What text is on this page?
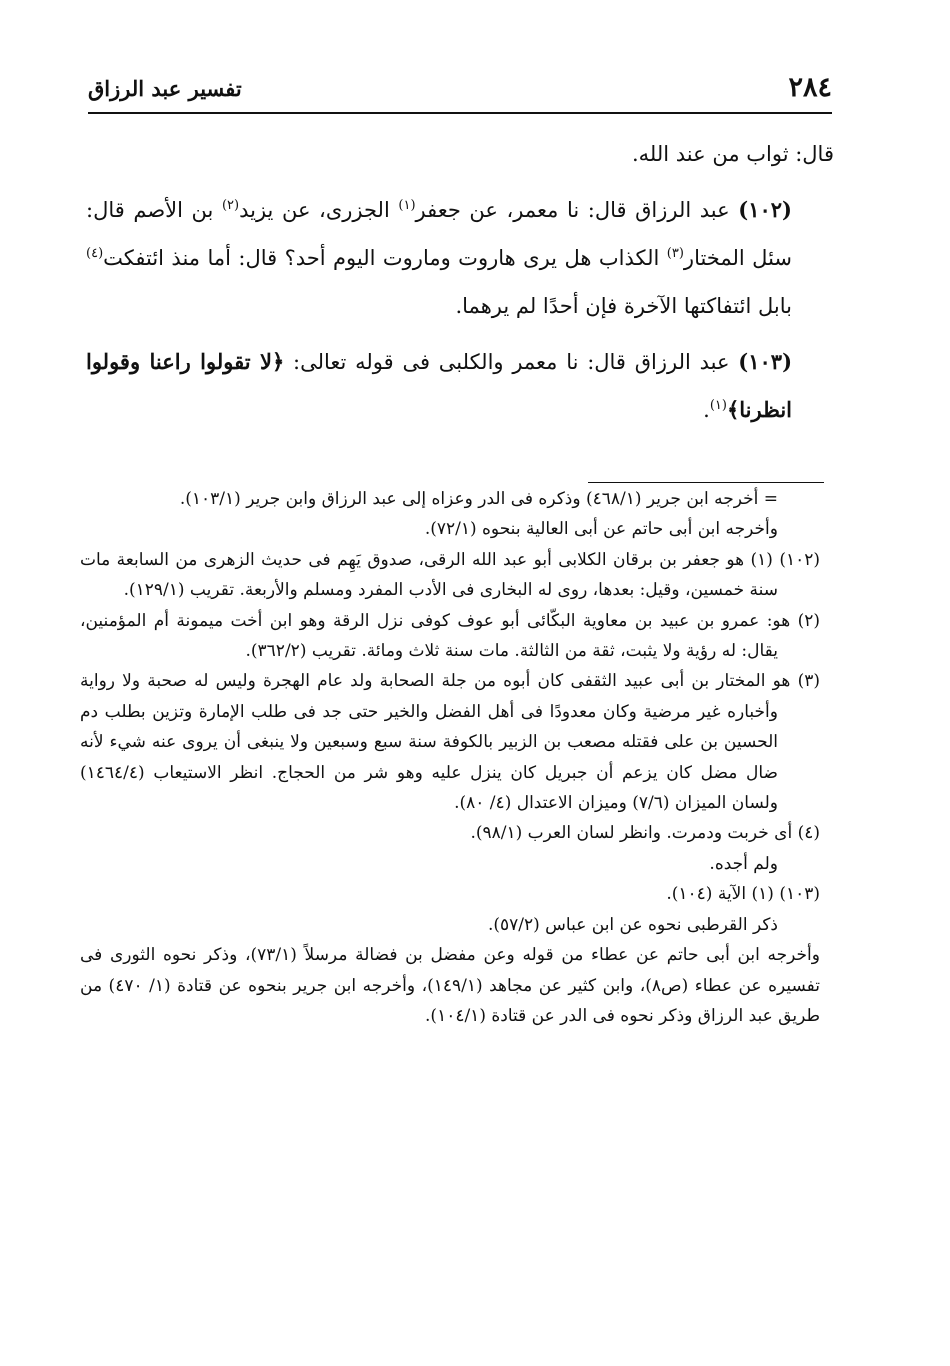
٢٨٤
تفسير عبد الرزاق

قال: ثواب من عند الله.

(١٠٢) عبد الرزاق قال: نا معمر، عن جعفر$^{(١)}$ الجزرى، عن يزيد$^{(٢)}$ بن الأصم قال: سئل المختار$^{(٣)}$ الكذاب هل يرى هاروت وماروت اليوم أحد؟ قال: أما منذ ائتفكت$^{(٤)}$ بابل ائتفاكتها الآخرة فإن أحدًا لم يرهما.

(١٠٣) عبد الرزاق قال: نا معمر والكلبى فى قوله تعالى: ﴿لا تقولوا راعنا وقولوا انظرنا﴾$^{(١)}$.

= أخرجه ابن جرير (٤٦٨/١) وذكره فى الدر وعزاه إلى عبد الرزاق وابن جرير (١٠٣/١).

وأخرجه ابن أبى حاتم عن أبى العالية بنحوه (٧٢/١).

(١٠٢) (١) هو جعفر بن برقان الكلابى أبو عبد الله الرقى، صدوق يَهِم فى حديث الزهرى من السابعة مات سنة خمسين، وقيل: بعدها، روى له البخارى فى الأدب المفرد ومسلم والأربعة. تقريب (١٢٩/١).

(٢) هو: عمرو بن عبيد بن معاوية البكّائى أبو عوف كوفى نزل الرقة وهو ابن أخت ميمونة أم المؤمنين، يقال: له رؤية ولا يثبت، ثقة من الثالثة. مات سنة ثلاث ومائة. تقريب (٣٦٢/٢).

(٣) هو المختار بن أبى عبيد الثقفى كان أبوه من جلة الصحابة ولد عام الهجرة وليس له صحبة ولا رواية وأخباره غير مرضية وكان معدودًا فى أهل الفضل والخير حتى جد فى طلب الإمارة وتزين بطلب دم الحسين بن على فقتله مصعب بن الزبير بالكوفة سنة سبع وسبعين ولا ينبغى أن يروى عنه شيء لأنه ضال مضل كان يزعم أن جبريل كان ينزل عليه وهو شر من الحجاج. انظر الاستيعاب (١٤٦٤/٤) ولسان الميزان (٧/٦) وميزان الاعتدال (٤/ ٨٠).

(٤) أى خربت ودمرت. وانظر لسان العرب (٩٨/١).

ولم أجده.

(١٠٣) (١) الآية (١٠٤).

ذكر القرطبى نحوه عن ابن عباس (٥٧/٢).

وأخرجه ابن أبى حاتم عن عطاء من قوله وعن مفضل بن فضالة مرسلاً (٧٣/١)، وذكر نحوه الثورى فى تفسيره عن عطاء (ص٨)، وابن كثير عن مجاهد (١٤٩/١)، وأخرجه ابن جرير بنحوه عن قتادة (١/ ٤٧٠) من طريق عبد الرزاق وذكر نحوه فى الدر عن قتادة (١٠٤/١).
